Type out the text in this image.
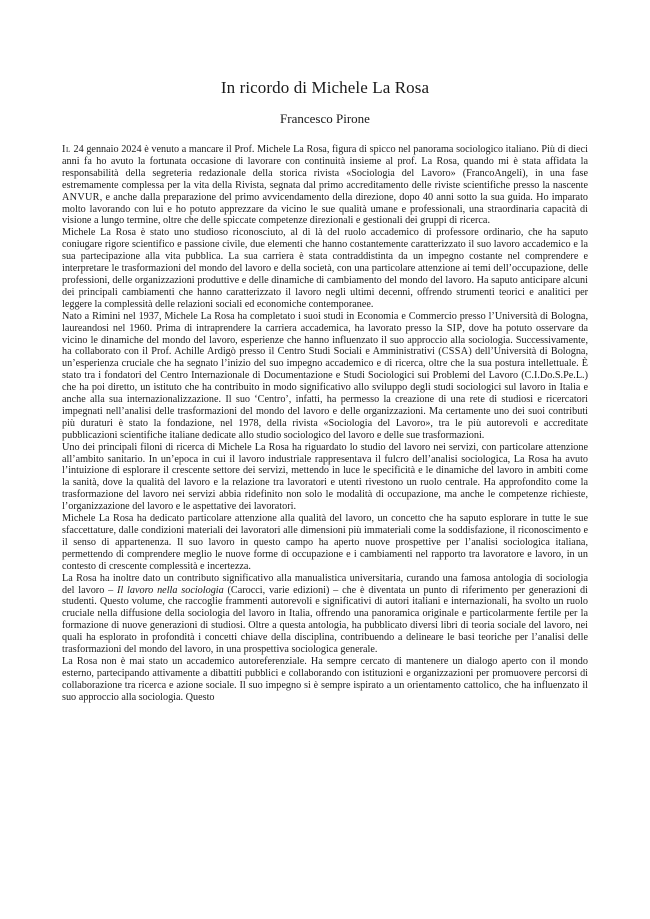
In ricordo di Michele La Rosa
Francesco Pirone

Il 24 gennaio 2024 è venuto a mancare il Prof. Michele La Rosa, figura di spicco nel panorama sociologico italiano. Più di dieci anni fa ho avuto la fortunata occasione di lavorare con continuità insieme al prof. La Rosa, quando mi è stata affidata la responsabilità della segreteria redazionale della storica rivista «Sociologia del Lavoro» (FrancoAngeli), in una fase estremamente complessa per la vita della Rivista, segnata dal primo accreditamento delle riviste scientifiche presso la nascente ANVUR, e anche dalla preparazione del primo avvicendamento della direzione, dopo 40 anni sotto la sua guida. Ho imparato molto lavorando con lui e ho potuto apprezzare da vicino le sue qualità umane e professionali, una straordinaria capacità di visione a lungo termine, oltre che delle spiccate competenze direzionali e gestionali dei gruppi di ricerca.

Michele La Rosa è stato uno studioso riconosciuto, al di là del ruolo accademico di professore ordinario, che ha saputo coniugare rigore scientifico e passione civile, due elementi che hanno costantemente caratterizzato il suo lavoro accademico e la sua partecipazione alla vita pubblica. La sua carriera è stata contraddistinta da un impegno costante nel comprendere e interpretare le trasformazioni del mondo del lavoro e della società, con una particolare attenzione ai temi dell’occupazione, delle professioni, delle organizzazioni produttive e delle dinamiche di cambiamento del mondo del lavoro. Ha saputo anticipare alcuni dei principali cambiamenti che hanno caratterizzato il lavoro negli ultimi decenni, offrendo strumenti teorici e analitici per leggere la complessità delle relazioni sociali ed economiche contemporanee.

Nato a Rimini nel 1937, Michele La Rosa ha completato i suoi studi in Economia e Commercio presso l’Università di Bologna, laureandosi nel 1960. Prima di intraprendere la carriera accademica, ha lavorato presso la SIP, dove ha potuto osservare da vicino le dinamiche del mondo del lavoro, esperienze che hanno influenzato il suo approccio alla sociologia. Successivamente, ha collaborato con il Prof. Achille Ardigò presso il Centro Studi Sociali e Amministrativi (CSSA) dell’Università di Bologna, un’esperienza cruciale che ha segnato l’inizio del suo impegno accademico e di ricerca, oltre che la sua postura intellettuale. È stato tra i fondatori del Centro Internazionale di Documentazione e Studi Sociologici sui Problemi del Lavoro (C.I.Do.S.Pe.L.) che ha poi diretto, un istituto che ha contribuito in modo significativo allo sviluppo degli studi sociologici sul lavoro in Italia e anche alla sua internazionalizzazione. Il suo ‘Centro’, infatti, ha permesso la creazione di una rete di studiosi e ricercatori impegnati nell’analisi delle trasformazioni del mondo del lavoro e delle organizzazioni. Ma certamente uno dei suoi contributi più duraturi è stato la fondazione, nel 1978, della rivista «Sociologia del Lavoro», tra le più autorevoli e accreditate pubblicazioni scientifiche italiane dedicate allo studio sociologico del lavoro e delle sue trasformazioni.

Uno dei principali filoni di ricerca di Michele La Rosa ha riguardato lo studio del lavoro nei servizi, con particolare attenzione all’ambito sanitario. In un’epoca in cui il lavoro industriale rappresentava il fulcro dell’analisi sociologica, La Rosa ha avuto l’intuizione di esplorare il crescente settore dei servizi, mettendo in luce le specificità e le dinamiche del lavoro in ambiti come la sanità, dove la qualità del lavoro e la relazione tra lavoratori e utenti rivestono un ruolo centrale. Ha approfondito come la trasformazione del lavoro nei servizi abbia ridefinito non solo le modalità di occupazione, ma anche le competenze richieste, l’organizzazione del lavoro e le aspettative dei lavoratori.

Michele La Rosa ha dedicato particolare attenzione alla qualità del lavoro, un concetto che ha saputo esplorare in tutte le sue sfaccettature, dalle condizioni materiali dei lavoratori alle dimensioni più immateriali come la soddisfazione, il riconoscimento e il senso di appartenenza. Il suo lavoro in questo campo ha aperto nuove prospettive per l’analisi sociologica italiana, permettendo di comprendere meglio le nuove forme di occupazione e i cambiamenti nel rapporto tra lavoratore e lavoro, in un contesto di crescente complessità e incertezza.

La Rosa ha inoltre dato un contributo significativo alla manualistica universitaria, curando una famosa antologia di sociologia del lavoro – Il lavoro nella sociologia (Carocci, varie edizioni) – che è diventata un punto di riferimento per generazioni di studenti. Questo volume, che raccoglie frammenti autorevoli e significativi di autori italiani e internazionali, ha svolto un ruolo cruciale nella diffusione della sociologia del lavoro in Italia, offrendo una panoramica originale e particolarmente fertile per la formazione di nuove generazioni di studiosi. Oltre a questa antologia, ha pubblicato diversi libri di teoria sociale del lavoro, nei quali ha esplorato in profondità i concetti chiave della disciplina, contribuendo a delineare le basi teoriche per l’analisi delle trasformazioni del mondo del lavoro, in una prospettiva sociologica generale.

La Rosa non è mai stato un accademico autoreferenziale. Ha sempre cercato di mantenere un dialogo aperto con il mondo esterno, partecipando attivamente a dibattiti pubblici e collaborando con istituzioni e organizzazioni per promuovere percorsi di collaborazione tra ricerca e azione sociale. Il suo impegno si è sempre ispirato a un orientamento cattolico, che ha influenzato il suo approccio alla sociologia. Questo
